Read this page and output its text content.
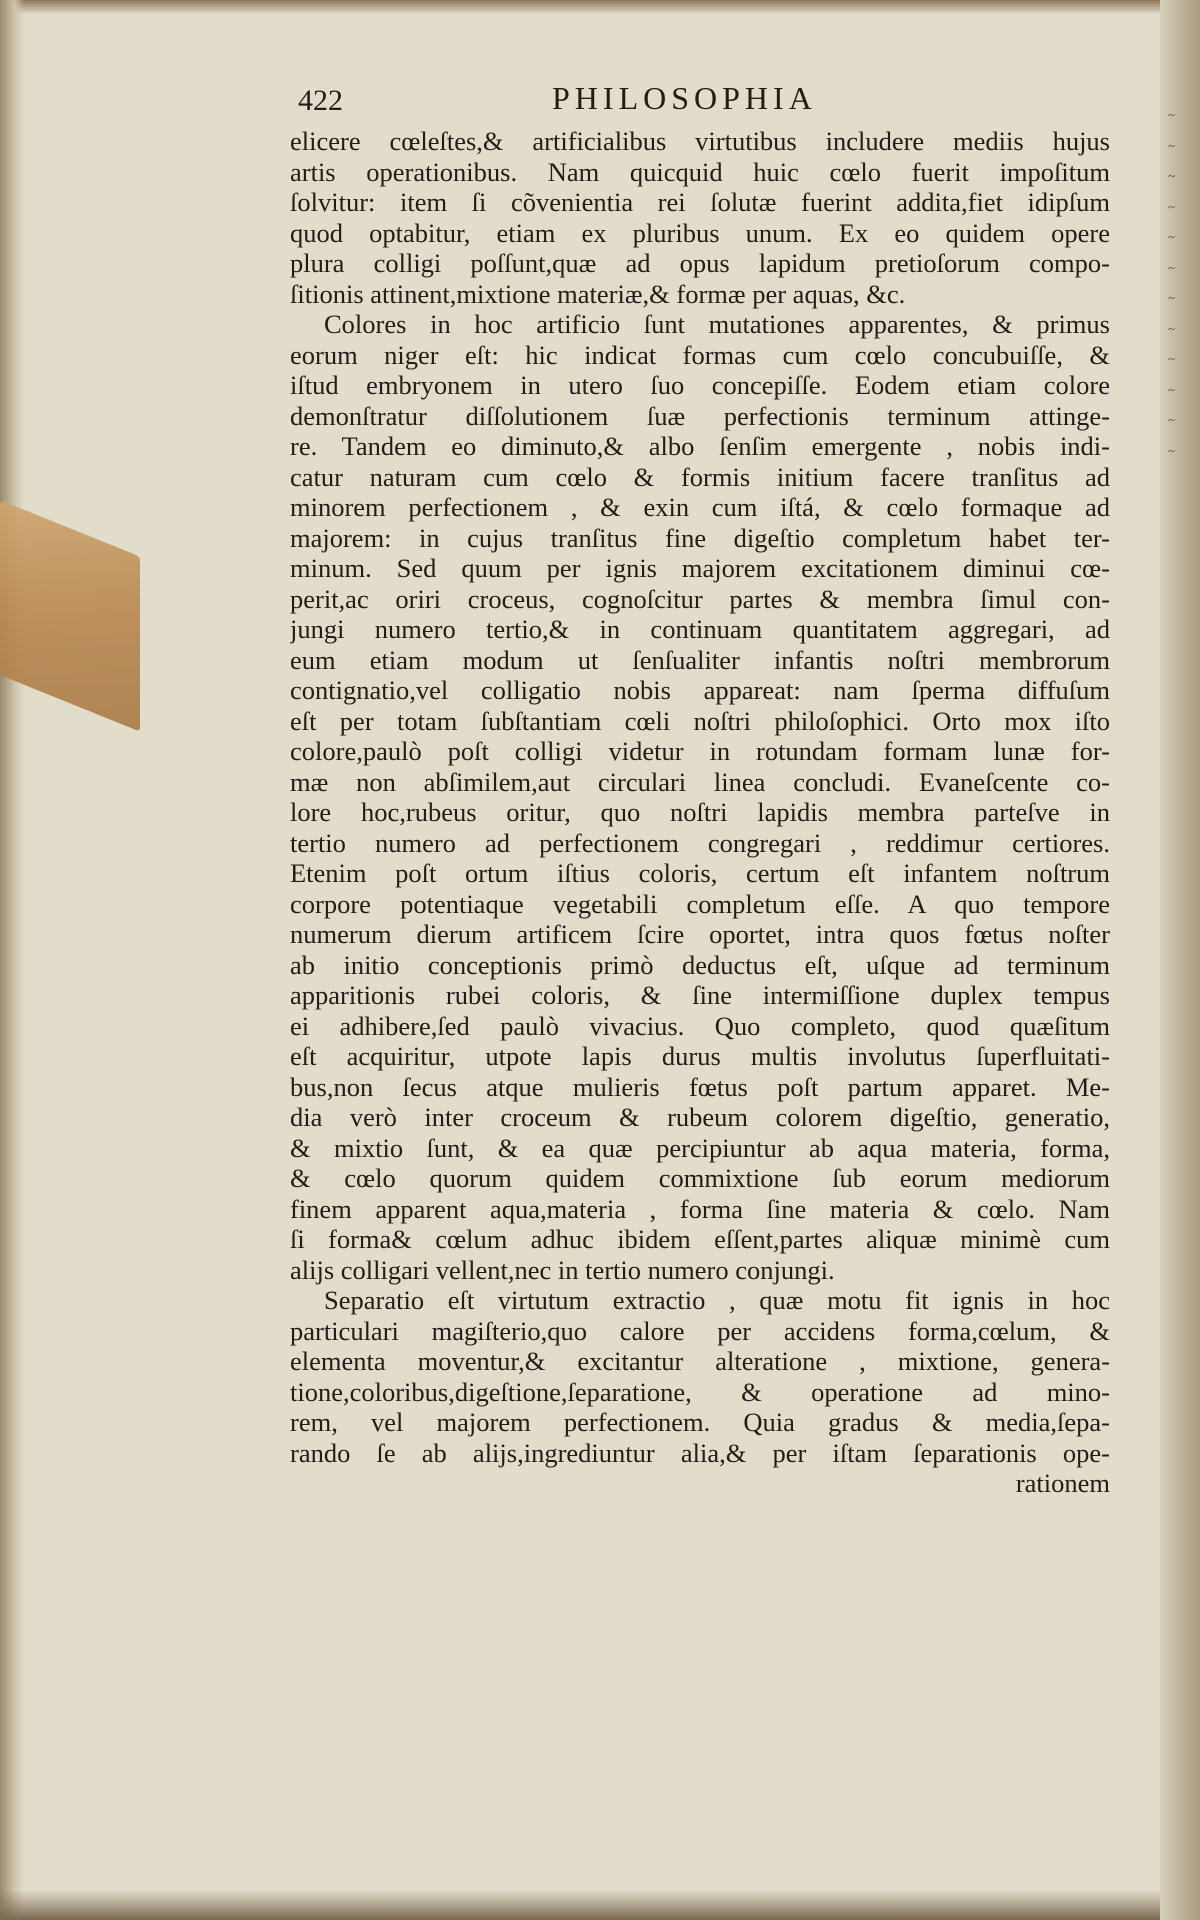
422	PHILOSOPHIA
elicere cœleſtes,& artificialibus virtutibus includere mediis hujus
artis operationibus. Nam quicquid huic cœlo fuerit impoſitum
ſolvitur: item ſi cõvenientia rei ſolutæ fuerint addita,fiet idipſum
quod optabitur, etiam ex pluribus unum. Ex eo quidem opere
plura colligi poſſunt,quæ ad opus lapidum pretioſorum compo-
ſitionis attinent,mixtione materiæ,& formæ per aquas, &c.
Colores in hoc artificio ſunt mutationes apparentes, & primus
eorum niger eſt: hic indicat formas cum cœlo concubuiſſe, &
iſtud embryonem in utero ſuo concepiſſe. Eodem etiam colore
demonſtratur diſſolutionem ſuæ perfectionis terminum attinge-
re. Tandem eo diminuto,& albo ſenſim emergente , nobis indi-
catur naturam cum cœlo & formis initium facere tranſitus ad
minorem perfectionem , & exin cum iſtá, & cœlo formaque ad
majorem: in cujus tranſitus fine digeſtio completum habet ter-
minum. Sed quum per ignis majorem excitationem diminui cœ-
perit,ac oriri croceus, cognoſcitur partes & membra ſimul con-
jungi numero tertio,& in continuam quantitatem aggregari, ad
eum etiam modum ut ſenſualiter infantis noſtri membrorum
contignatio,vel colligatio nobis appareat: nam ſperma diffuſum
eſt per totam ſubſtantiam cœli noſtri philoſophici. Orto mox iſto
colore,paulò poſt colligi videtur in rotundam formam lunæ for-
mæ non abſimilem,aut circulari linea concludi. Evaneſcente co-
lore hoc,rubeus oritur, quo noſtri lapidis membra parteſve in
tertio numero ad perfectionem congregari , reddimur certiores.
Etenim poſt ortum iſtius coloris, certum eſt infantem noſtrum
corpore potentiaque vegetabili completum eſſe. A quo tempore
numerum dierum artificem ſcire oportet, intra quos fœtus noſter
ab initio conceptionis primò deductus eſt, uſque ad terminum
apparitionis rubei coloris, & ſine intermiſſione duplex tempus
ei adhibere,ſed paulò vivacius. Quo completo, quod quæſitum
eſt acquiritur, utpote lapis durus multis involutus ſuperfluitati-
bus,non ſecus atque mulieris fœtus poſt partum apparet. Me-
dia verò inter croceum & rubeum colorem digeſtio, generatio,
& mixtio ſunt, & ea quæ percipiuntur ab aqua materia, forma,
& cœlo quorum quidem commixtione ſub eorum mediorum
finem apparent aqua,materia , forma ſine materia & cœlo. Nam
ſi forma& cœlum adhuc ibidem eſſent,partes aliquæ minimè cum
alijs colligari vellent,nec in tertio numero conjungi.
Separatio eſt virtutum extractio , quæ motu fit ignis in hoc
particulari magiſterio,quo calore per accidens forma,cœlum, &
elementa moventur,& excitantur alteratione , mixtione, genera-
tione,coloribus,digeſtione,ſeparatione, & operatione ad mino-
rem, vel majorem perfectionem. Quia gradus & media,ſepa-
rando ſe ab alijs,ingrediuntur alia,& per iſtam ſeparationis ope-
rationem
~
~
~
~
~
~
~
~
~
~
~
~
